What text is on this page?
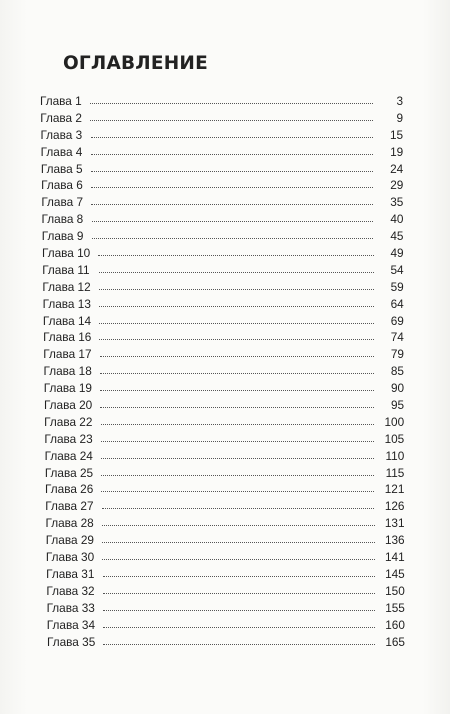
ОГЛАВЛЕНИЕ
Глава 1	3
Глава 2	9
Глава 3	15
Глава 4	19
Глава 5	24
Глава 6	29
Глава 7	35
Глава 8	40
Глава 9	45
Глава 10	49
Глава 11	54
Глава 12	59
Глава 13	64
Глава 14	69
Глава 16	74
Глава 17	79
Глава 18	85
Глава 19	90
Глава 20	95
Глава 22	100
Глава 23	105
Глава 24	110
Глава 25	115
Глава 26	121
Глава 27	126
Глава 28	131
Глава 29	136
Глава 30	141
Глава 31	145
Глава 32	150
Глава 33	155
Глава 34	160
Глава 35	165
